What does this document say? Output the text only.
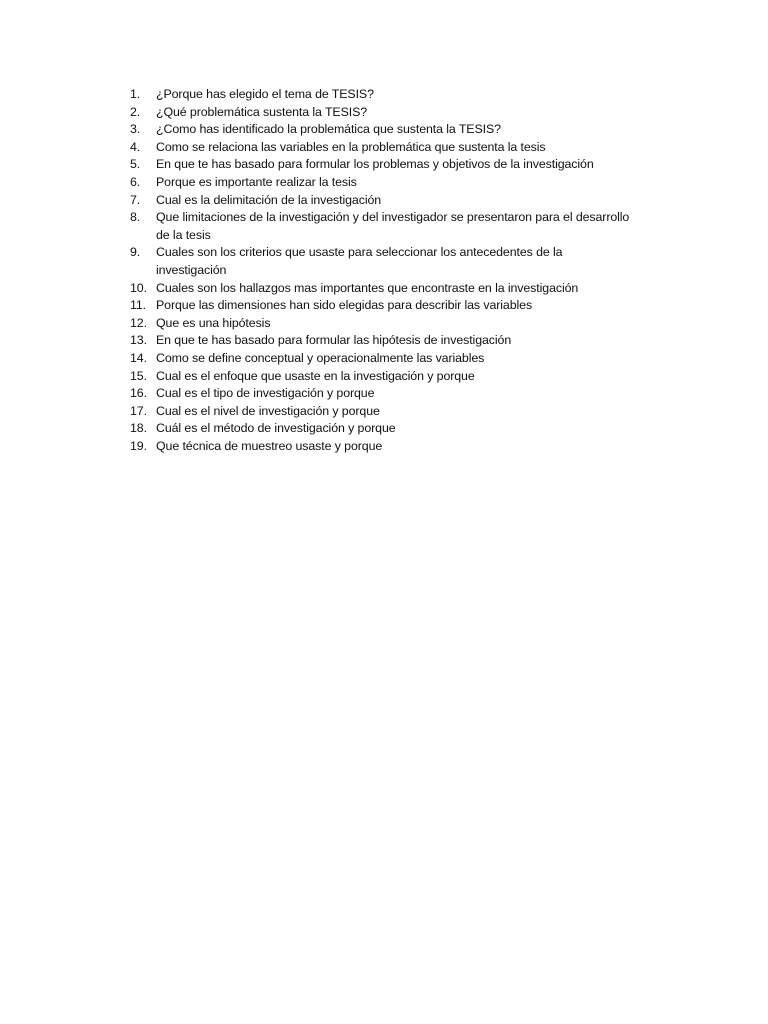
1.	¿Porque has elegido el tema de TESIS?
2.	¿Qué problemática sustenta la TESIS?
3.	¿Como has identificado la problemática que sustenta la TESIS?
4.	Como se relaciona las variables en la problemática que sustenta la tesis
5.	En que te has basado para formular los problemas y objetivos de la investigación
6.	Porque es importante realizar la tesis
7.	Cual es la delimitación de la investigación
8.	Que limitaciones de la investigación y del investigador se presentaron para el desarrollo de la tesis
9.	Cuales son los criterios que usaste para seleccionar los antecedentes de la investigación
10. Cuales son los hallazgos mas importantes que encontraste en la investigación
11. Porque las dimensiones han sido elegidas para describir las variables
12. Que es una hipótesis
13. En que te has basado para formular las hipótesis de investigación
14. Como se define conceptual y operacionalmente las variables
15. Cual es el enfoque que usaste en la investigación y porque
16. Cual es el tipo de investigación y porque
17. Cual es el nivel de investigación y porque
18. Cuál es el método de investigación y porque
19. Que técnica de muestreo usaste y porque
